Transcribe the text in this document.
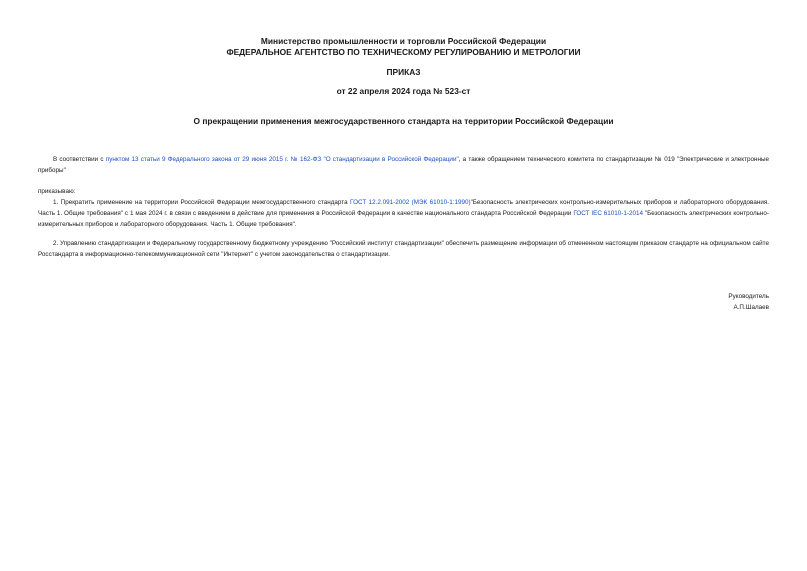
Министерство промышленности и торговли Российской Федерации
ФЕДЕРАЛЬНОЕ АГЕНТСТВО ПО ТЕХНИЧЕСКОМУ РЕГУЛИРОВАНИЮ И МЕТРОЛОГИИ
ПРИКАЗ
от 22 апреля 2024 года № 523-ст
О прекращении применения межгосударственного стандарта на территории Российской Федерации
В соответствии с пунктом 13 статьи 9 Федерального закона от 29 июня 2015 г. № 162-ФЗ "О стандартизации в Российской Федерации", а также обращением технического комитета по стандартизации № 019 "Электрические и электронные приборы"
приказываю:
1. Прекратить применение на территории Российской Федерации межгосударственного стандарта ГОСТ 12.2.091-2002 (МЭК 61010-1:1990)"Безопасность электрических контрольно-измерительных приборов и лабораторного оборудования. Часть 1. Общие требования" с 1 мая 2024 г. в связи с введением в действие для применения в Российской Федерации в качестве национального стандарта Российской Федерации ГОСТ IEC 61010-1-2014 "Безопасность электрических контрольно-измерительных приборов и лабораторного оборудования. Часть 1. Общие требования".
2. Управлению стандартизации и Федеральному государственному бюджетному учреждению "Российский институт стандартизации" обеспечить размещение информации об отмененном настоящим приказом стандарте на официальном сайте Росстандарта в информационно-телекоммуникационной сети "Интернет" с учетом законодательства о стандартизации.
Руководитель
А.П.Шалаев
